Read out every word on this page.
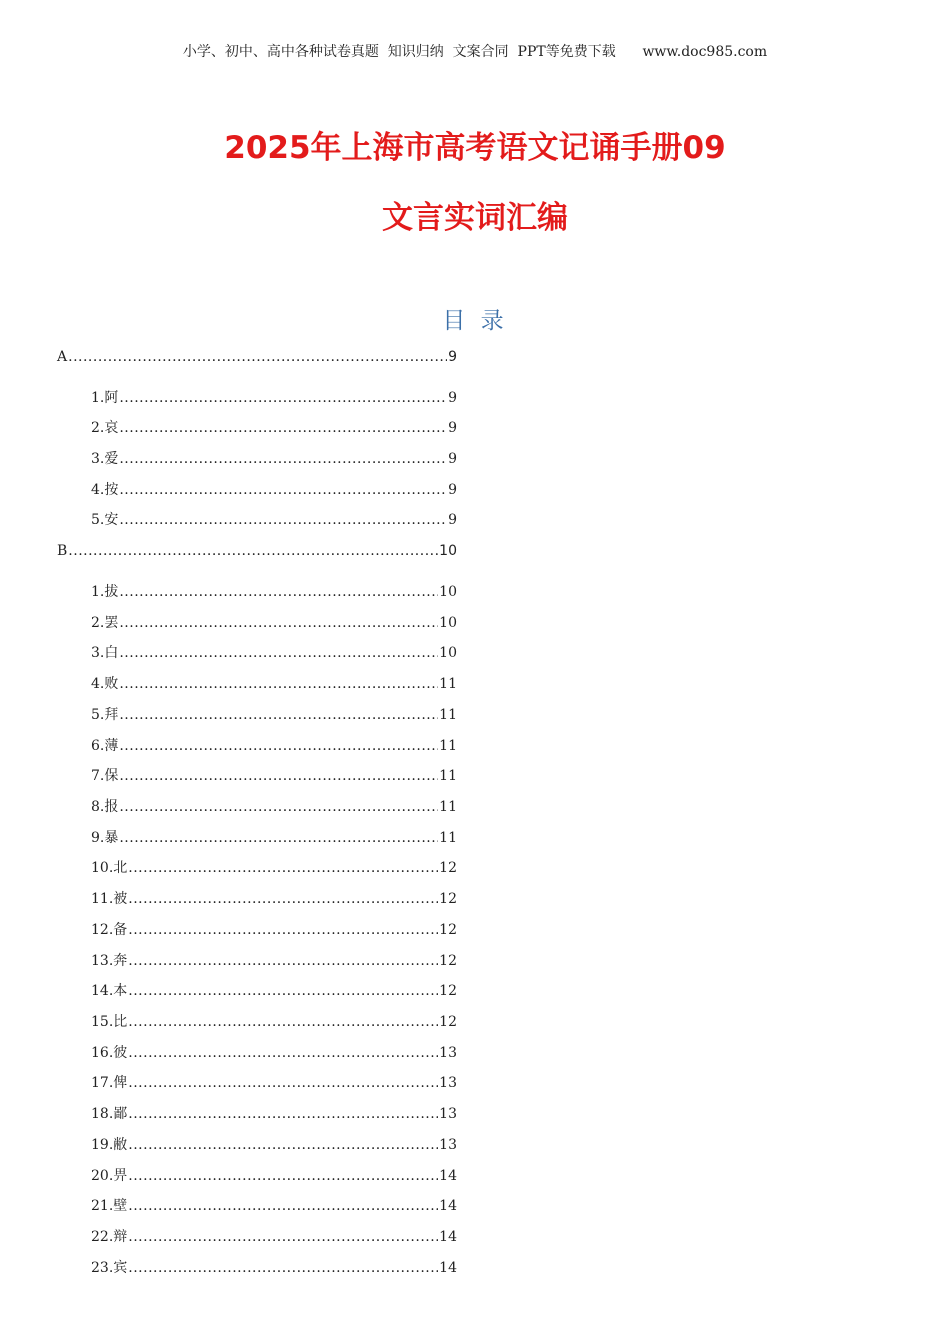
小学、初中、高中各种试卷真题  知识归纳  文案合同  PPT等免费下载 www.doc985.com
2025年上海市高考语文记诵手册09
文言实词汇编
目 录
A .....	9
1.阿 .....	9
2.哀 .....	9
3.爱 .....	9
4.按 .....	9
5.安 .....	9
B .....	10
1.拔 .....	10
2.罢 .....	10
3.白 .....	10
4.败 .....	11
5.拜 .....	11
6.薄 .....	11
7.保 .....	11
8.报 .....	11
9.暴 .....	11
10.北 .....	12
11.被 .....	12
12.备 .....	12
13.奔 .....	12
14.本 .....	12
15.比 .....	12
16.彼 .....	13
17.俾 .....	13
18.鄙 .....	13
19.敝 .....	13
20.畀 .....	14
21.壁 .....	14
22.辩 .....	14
23.宾 .....	14
